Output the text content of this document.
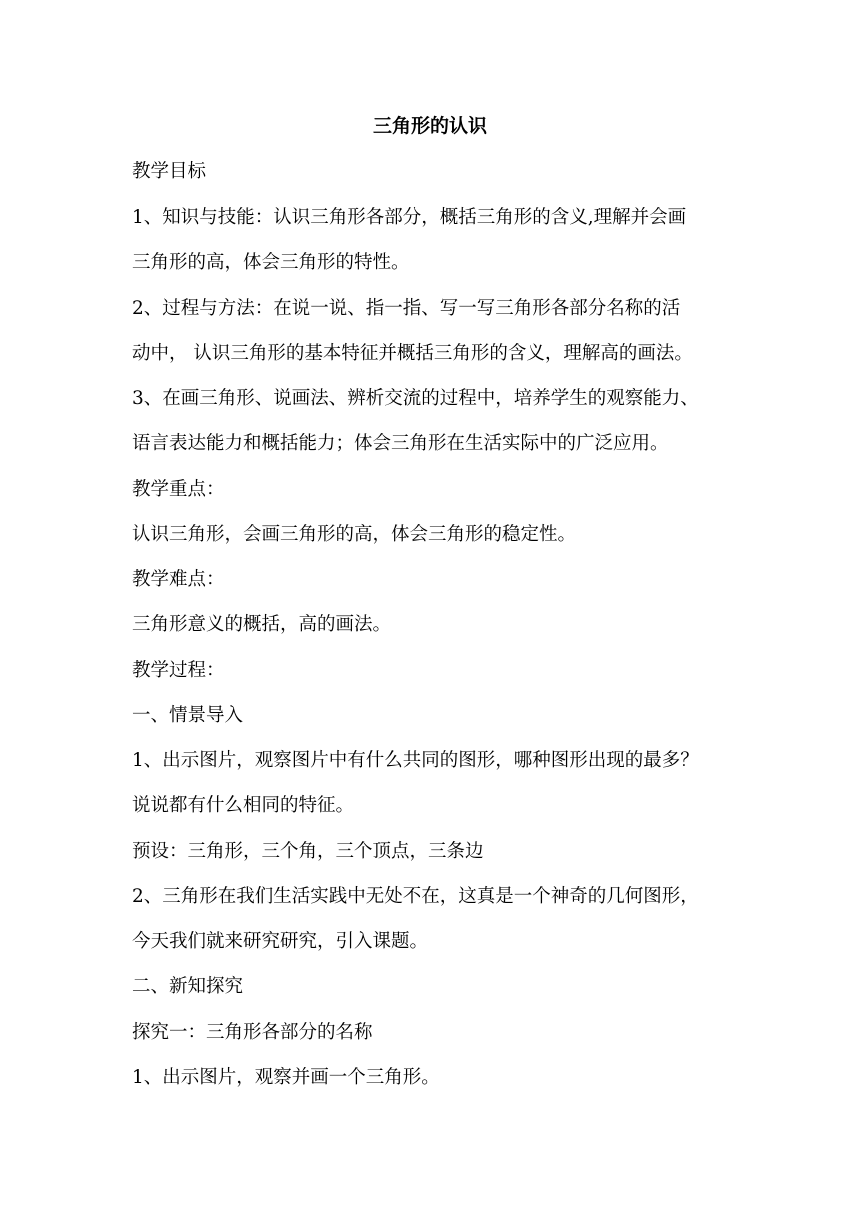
三角形的认识

教学目标

1、知识与技能：认识三角形各部分，概括三角形的含义,理解并会画

三角形的高，体会三角形的特性。

2、过程与方法：在说一说、指一指、写一写三角形各部分名称的活

动中， 认识三角形的基本特征并概括三角形的含义，理解高的画法。

3、在画三角形、说画法、辨析交流的过程中，培养学生的观察能力、

语言表达能力和概括能力；体会三角形在生活实际中的广泛应用。

教学重点：

认识三角形，会画三角形的高，体会三角形的稳定性。

教学难点：

三角形意义的概括，高的画法。

教学过程：

一、情景导入

1、出示图片，观察图片中有什么共同的图形，哪种图形出现的最多？

说说都有什么相同的特征。

预设：三角形，三个角，三个顶点，三条边

2、三角形在我们生活实践中无处不在，这真是一个神奇的几何图形，

今天我们就来研究研究，引入课题。

二、新知探究

探究一：三角形各部分的名称

1、出示图片，观察并画一个三角形。
